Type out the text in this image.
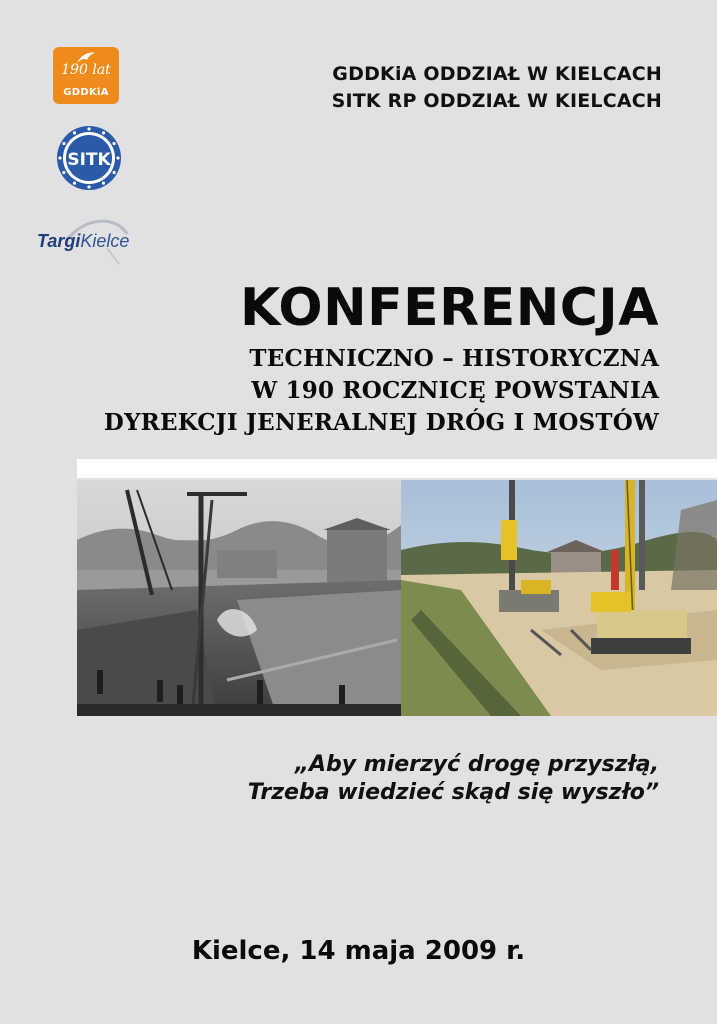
190 lat
GDDKiA
SITK
TargiKielce
GDDKiA ODDZIAŁ W KIELCACH
SITK RP ODDZIAŁ W KIELCACH
KONFERENCJA
TECHNICZNO – HISTORYCZNA
W 190 ROCZNICĘ POWSTANIA
DYREKCJI JENERALNEJ DRÓG I MOSTÓW
„Aby mierzyć drogę przyszłą,
Trzeba wiedzieć skąd się wyszło”
Kielce, 14 maja 2009 r.
